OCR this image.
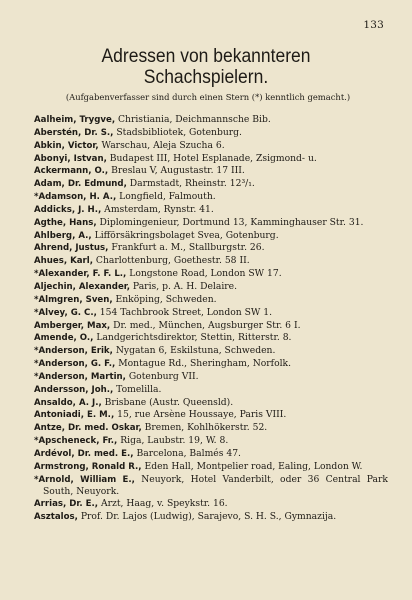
133
Adressen von bekannteren
Schachspielern.
(Aufgabenverfasser sind durch einen Stern (*) kenntlich gemacht.)
Aalheim, Trygve, Christiania, Deichmannsche Bib.
Aberstén, Dr. S., Stadsbibliotek, Gotenburg.
Abkin, Victor, Warschau, Aleja Szucha 6.
Abonyi, Istvan, Budapest III, Hotel Esplanade, Zsigmond- u.
Ackermann, O., Breslau V, Augustastr. 17 III.
Adam, Dr. Edmund, Darmstadt, Rheinstr. 12³/₁.
*Adamson, H. A., Longfield, Falmouth.
Addicks, J. H., Amsterdam, Rynstr. 41.
Agthe, Hans, Diplomingenieur, Dortmund 13, Kamminghauser Str. 31.
Ahlberg, A., Lifförsäkringsbolaget Svea, Gotenburg.
Ahrend, Justus, Frankfurt a. M., Stallburgstr. 26.
Ahues, Karl, Charlottenburg, Goethestr. 58 II.
*Alexander, F. F. L., Longstone Road, London SW 17.
Aljechin, Alexander, Paris, p. A. H. Delaire.
*Almgren, Sven, Enköping, Schweden.
*Alvey, G. C., 154 Tachbrook Street, London SW 1.
Amberger, Max, Dr. med., München, Augsburger Str. 6 I.
Amende, O., Landgerichtsdirektor, Stettin, Ritterstr. 8.
*Anderson, Erik, Nygatan 6, Eskilstuna, Schweden.
*Anderson, G. F., Montague Rd., Sheringham, Norfolk.
*Anderson, Martin, Gotenburg VII.
Andersson, Joh., Tomelilla.
Ansaldo, A. J., Brisbane (Austr. Queensld).
Antoniadi, E. M., 15, rue Arsène Houssaye, Paris VIII.
Antze, Dr. med. Oskar, Bremen, Kohlhökerstr. 52.
*Apscheneck, Fr., Riga, Laubstr. 19, W. 8.
Ardévol, Dr. med. E., Barcelona, Balmés 47.
Armstrong, Ronald R., Eden Hall, Montpelier road, Ealing, London W.
*Arnold, William E., Neuyork, Hotel Vanderbilt, oder 36 Central Park South, Neuyork.
Arrias, Dr. E., Arzt, Haag, v. Speykstr. 16.
Asztalos, Prof. Dr. Lajos (Ludwig), Sarajevo, S. H. S., Gymnazija.
